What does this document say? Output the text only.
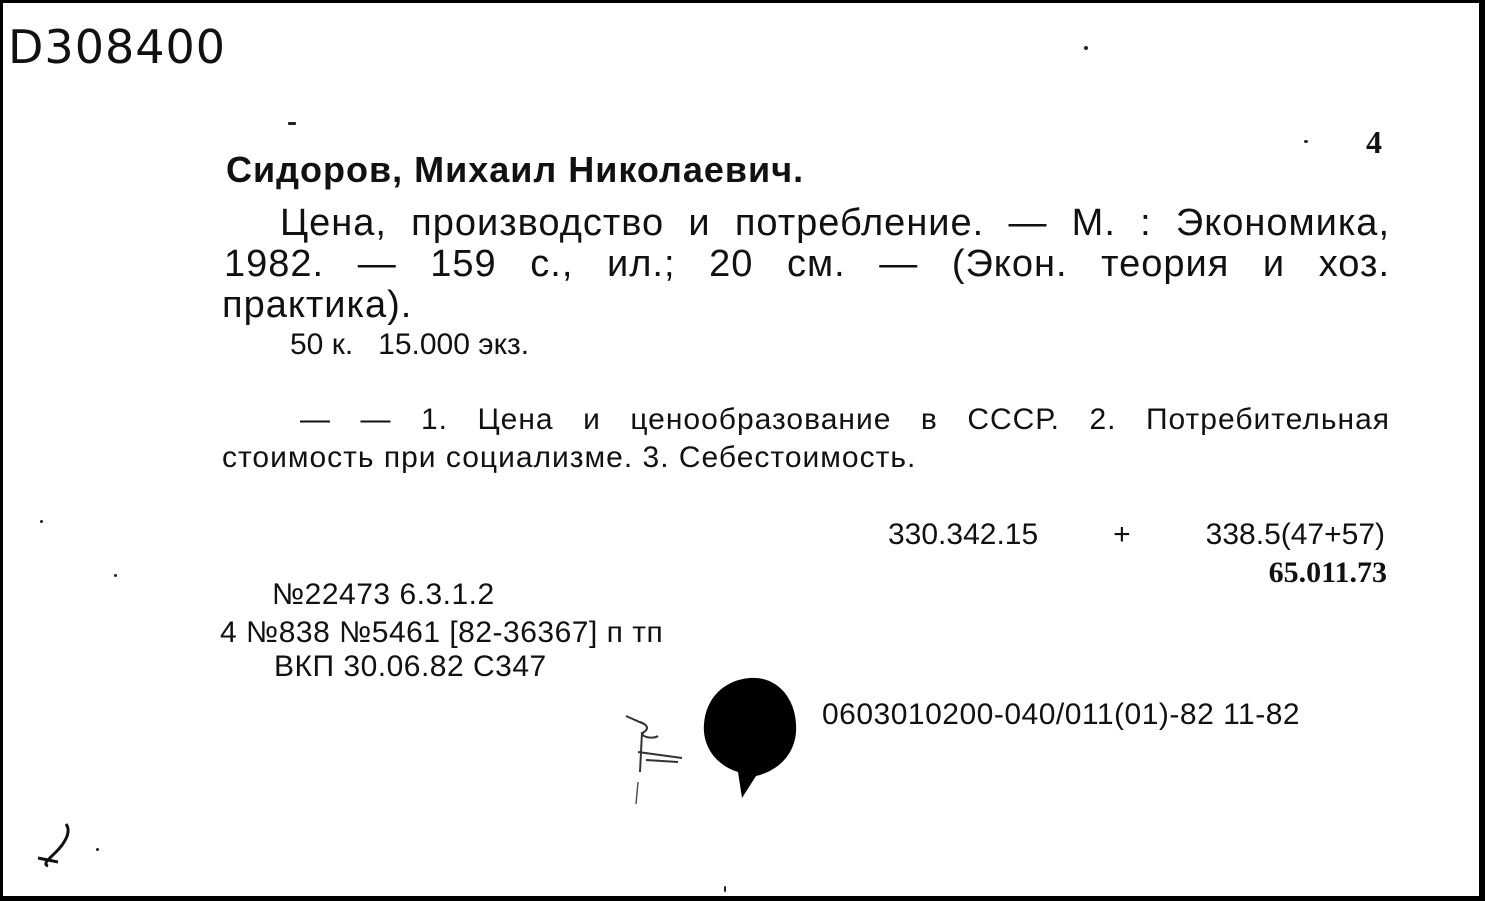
D308400
4
Сидоров, Михаил Николаевич.
Цена, производство и потребление. — М. : Экономика,
1982. — 159 с., ил.; 20 см. — (Экон. теория и хоз.
практика).
50 к.   15.000 экз.
— — 1. Цена и ценообразование в СССР. 2. Потребительная
стоимость при социализме. 3. Себестоимость.
330.342.15 + 338.5(47+57)
65.011.73
№22473 6.3.1.2
4 №838 №5461 [82-36367] п тп
ВКП 30.06.82 С347
0603010200-040/011(01)-82 11-82
